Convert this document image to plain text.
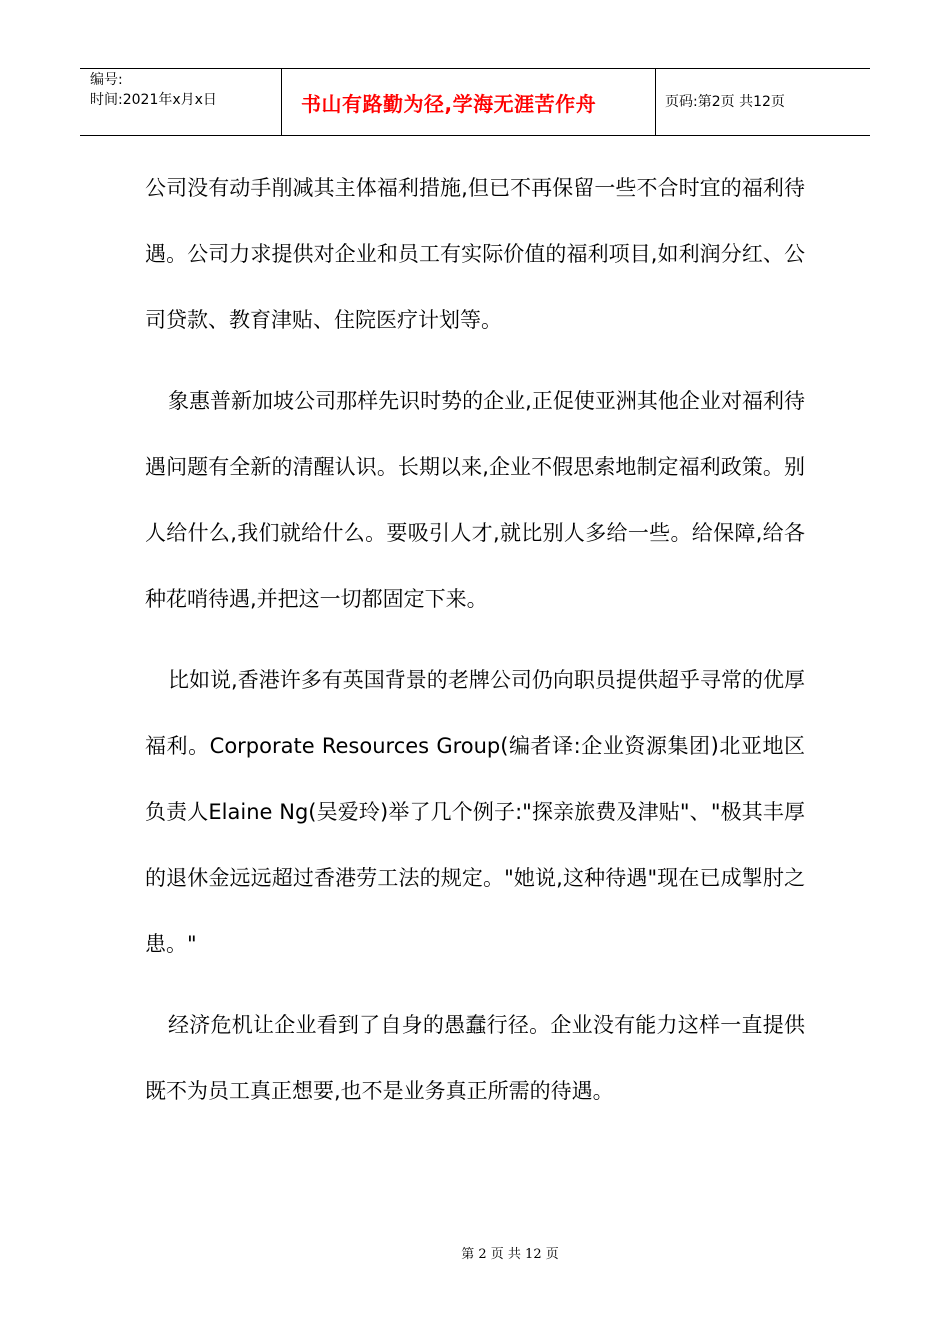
编号:
时间:2021年x月x日	书山有路勤为径,学海无涯苦作舟	页码:第2页 共12页

公司没有动手削减其主体福利措施,但已不再保留一些不合时宜的福利待遇。公司力求提供对企业和员工有实际价值的福利项目,如利润分红、公司贷款、教育津贴、住院医疗计划等。

象惠普新加坡公司那样先识时势的企业,正促使亚洲其他企业对福利待遇问题有全新的清醒认识。长期以来,企业不假思索地制定福利政策。别人给什么,我们就给什么。要吸引人才,就比别人多给一些。给保障,给各种花哨待遇,并把这一切都固定下来。

比如说,香港许多有英国背景的老牌公司仍向职员提供超乎寻常的优厚福利。Corporate Resources Group(编者译:企业资源集团)北亚地区负责人Elaine Ng(吴爱玲)举了几个例子:"探亲旅费及津贴"、"极其丰厚的退休金远远超过香港劳工法的规定。"她说,这种待遇"现在已成掣肘之患。"

经济危机让企业看到了自身的愚蠢行径。企业没有能力这样一直提供既不为员工真正想要,也不是业务真正所需的待遇。

第 2 页 共 12 页
